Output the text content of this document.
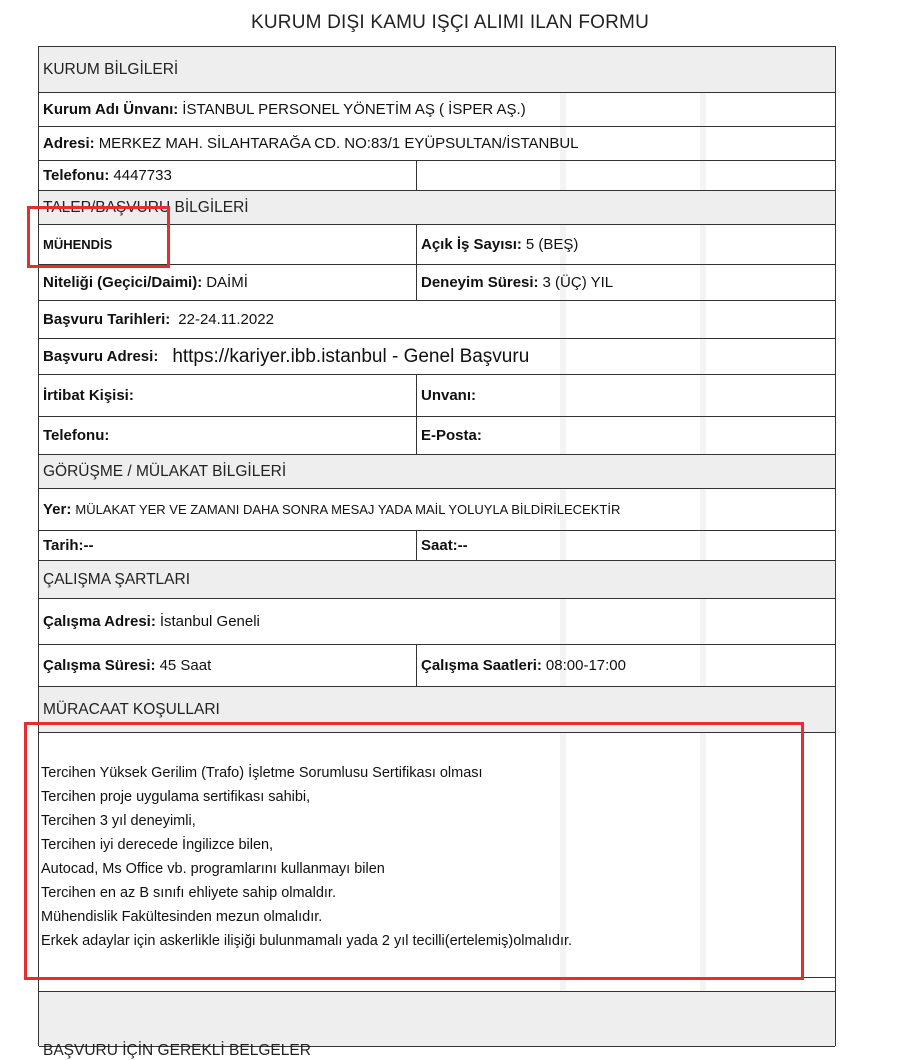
KURUM DIŞI KAMU IŞÇI ALIMI ILAN FORMU
KURUM BİLGİLERİ
Kurum Adı Ünvanı: İSTANBUL PERSONEL YÖNETİM AŞ ( İSPER AŞ.)
Adresi: MERKEZ MAH. SİLAHTARAĞA CD. NO:83/1 EYÜPSULTAN/İSTANBUL
Telefonu: 4447733
TALEP/BAŞVURU BİLGİLERİ
MÜHENDİS	Açık İş Sayısı: 5 (BEŞ)
Niteliği (Geçici/Daimi): DAİMİ	Deneyim Süresi: 3 (ÜÇ) YIL
Başvuru Tarihleri: 22-24.11.2022
Başvuru Adresi: https://kariyer.ibb.istanbul - Genel Başvuru
İrtibat Kişisi:	Unvanı:
Telefonu:	E-Posta:
GÖRÜŞME / MÜLAKAT BİLGİLERİ
Yer: MÜLAKAT YER VE ZAMANI DAHA SONRA MESAJ YADA MAİL YOLUYLA BİLDİRİLECEKTİR
Tarih:--	Saat:--
ÇALIŞMA ŞARTLARI
Çalışma Adresi: İstanbul Geneli
Çalışma Süresi: 45 Saat	Çalışma Saatleri: 08:00-17:00
MÜRACAAT KOŞULLARI
Tercihen Yüksek Gerilim (Trafo) İşletme Sorumlusu Sertifikası olması
Tercihen proje uygulama sertifikası sahibi,
Tercihen 3 yıl deneyimli,
Tercihen iyi derecede İngilizce bilen,
Autocad, Ms Office vb. programlarını kullanmayı bilen
Tercihen en az B sınıfı ehliyete sahip olmaldır.
Mühendislik Fakültesinden mezun olmalıdır.
Erkek adaylar için askerlikle ilişiği bulunmamalı yada 2 yıl tecilli(ertelemiş)olmalıdır.
BAŞVURU İÇİN GEREKLİ BELGELER
